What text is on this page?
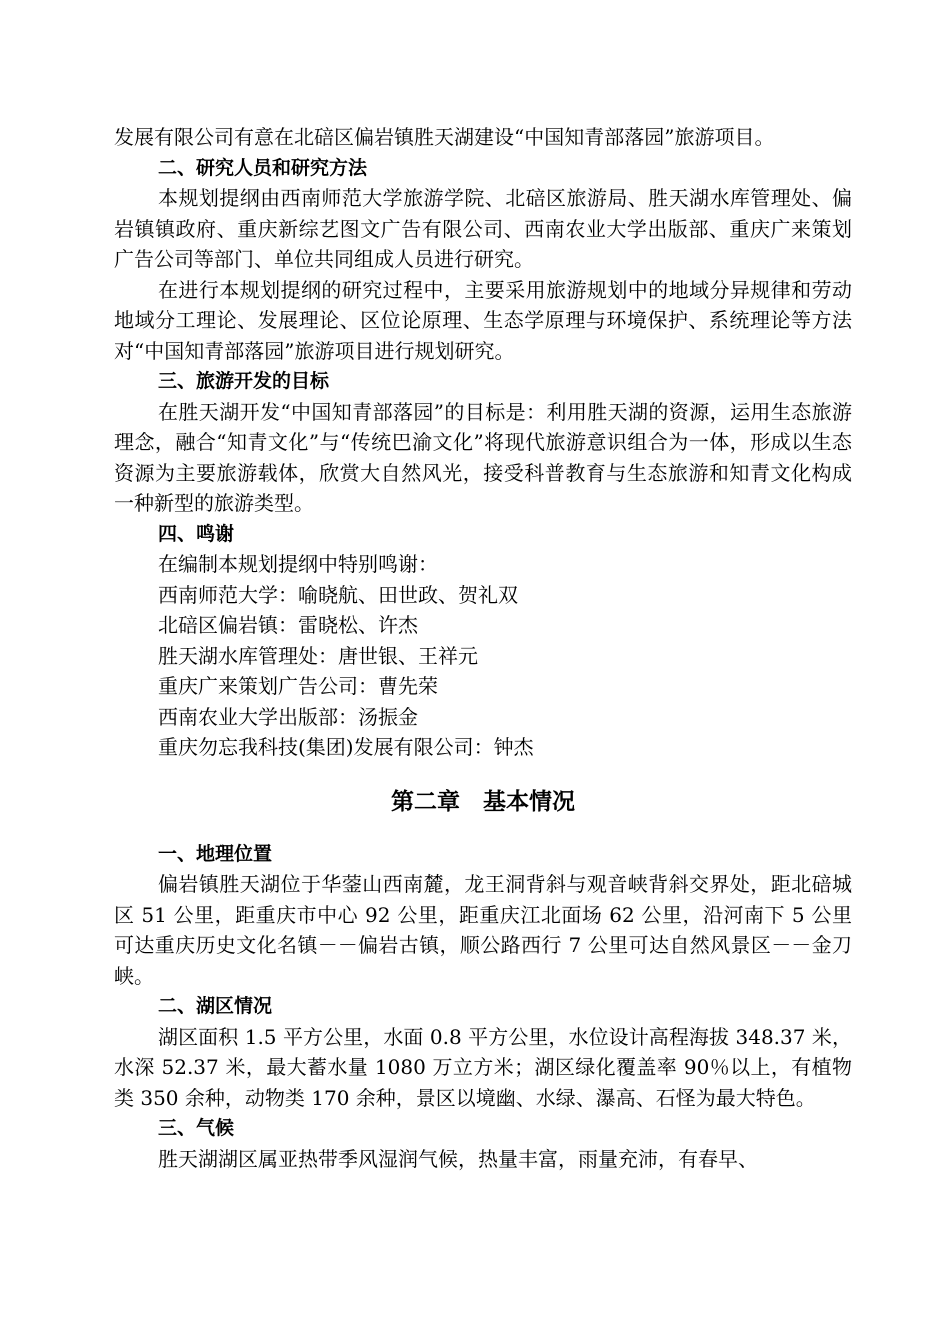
发展有限公司有意在北碚区偏岩镇胜天湖建设“中国知青部落园”旅游项目。

二、研究人员和研究方法

本规划提纲由西南师范大学旅游学院、北碚区旅游局、胜天湖水库管理处、偏岩镇镇政府、重庆新综艺图文广告有限公司、西南农业大学出版部、重庆广来策划广告公司等部门、单位共同组成人员进行研究。

在进行本规划提纲的研究过程中，主要采用旅游规划中的地域分异规律和劳动地域分工理论、发展理论、区位论原理、生态学原理与环境保护、系统理论等方法对“中国知青部落园”旅游项目进行规划研究。

三、旅游开发的目标

在胜天湖开发“中国知青部落园”的目标是：利用胜天湖的资源，运用生态旅游理念，融合“知青文化”与“传统巴渝文化”将现代旅游意识组合为一体，形成以生态资源为主要旅游载体，欣赏大自然风光，接受科普教育与生态旅游和知青文化构成一种新型的旅游类型。

四、鸣谢

在编制本规划提纲中特别鸣谢：

西南师范大学：喻晓航、田世政、贺礼双

北碚区偏岩镇：雷晓松、许杰

胜天湖水库管理处：唐世银、王祥元

重庆广来策划广告公司：曹先荣

西南农业大学出版部：汤振金

重庆勿忘我科技(集团)发展有限公司：钟杰

第二章　基本情况

一、地理位置

偏岩镇胜天湖位于华蓥山西南麓，龙王洞背斜与观音峡背斜交界处，距北碚城区 51 公里，距重庆市中心 92 公里，距重庆江北面场 62 公里，沿河南下 5 公里可达重庆历史文化名镇－－偏岩古镇，顺公路西行 7 公里可达自然风景区－－金刀峡。

二、湖区情况

湖区面积 1.5 平方公里，水面 0.8 平方公里，水位设计高程海拔 348.37 米，水深 52.37 米，最大蓄水量 1080 万立方米；湖区绿化覆盖率 90％以上，有植物类 350 余种，动物类 170 余种，景区以境幽、水绿、瀑高、石怪为最大特色。

三、气候

胜天湖湖区属亚热带季风湿润气候，热量丰富，雨量充沛，有春早、
